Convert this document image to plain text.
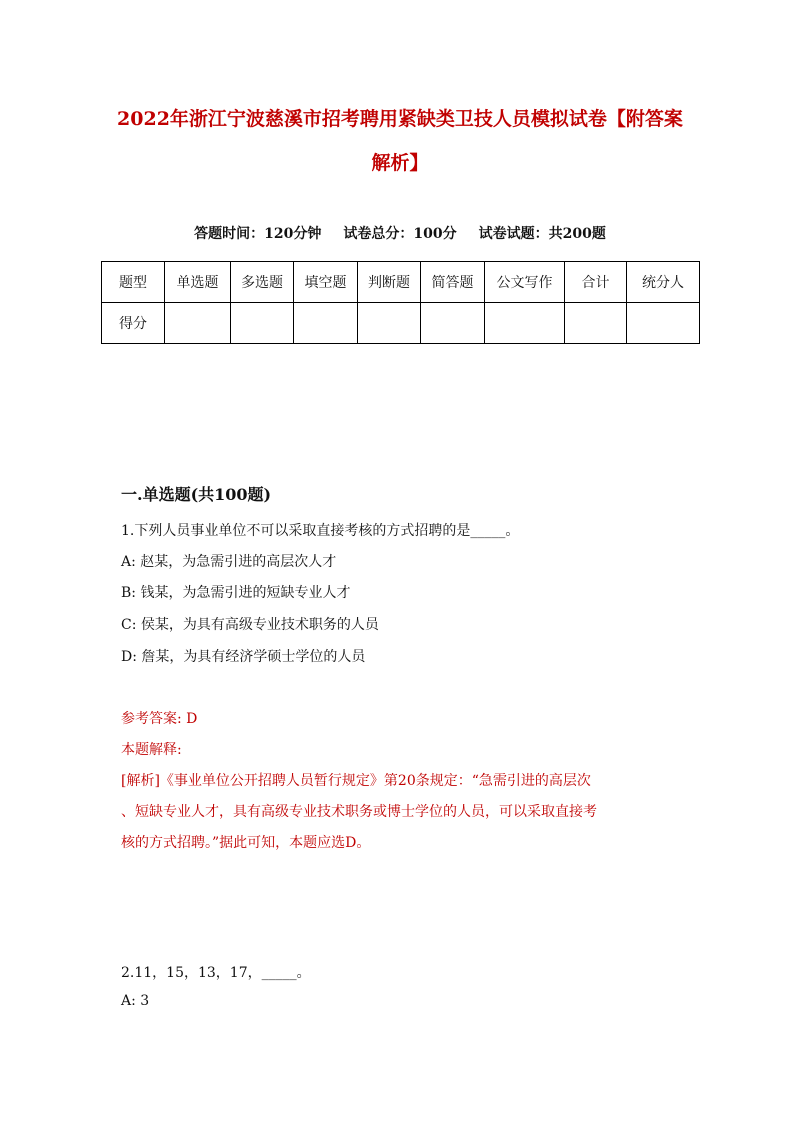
2022年浙江宁波慈溪市招考聘用紧缺类卫技人员模拟试卷【附答案
解析】
答题时间：120分钟 试卷总分：100分 试卷试题：共200题
题型	单选题	多选题	填空题	判断题	简答题	公文写作	合计	统分人
得分								
一.单选题(共100题)
1.下列人员事业单位不可以采取直接考核的方式招聘的是_____。
A: 赵某，为急需引进的高层次人才
B: 钱某，为急需引进的短缺专业人才
C: 侯某，为具有高级专业技术职务的人员
D: 詹某，为具有经济学硕士学位的人员
参考答案: D
本题解释:
[解析]《事业单位公开招聘人员暂行规定》第20条规定：“急需引进的高层次
、短缺专业人才，具有高级专业技术职务或博士学位的人员，可以采取直接考
核的方式招聘。”据此可知，本题应选D。
2.11，15，13，17，_____。
A: 3
